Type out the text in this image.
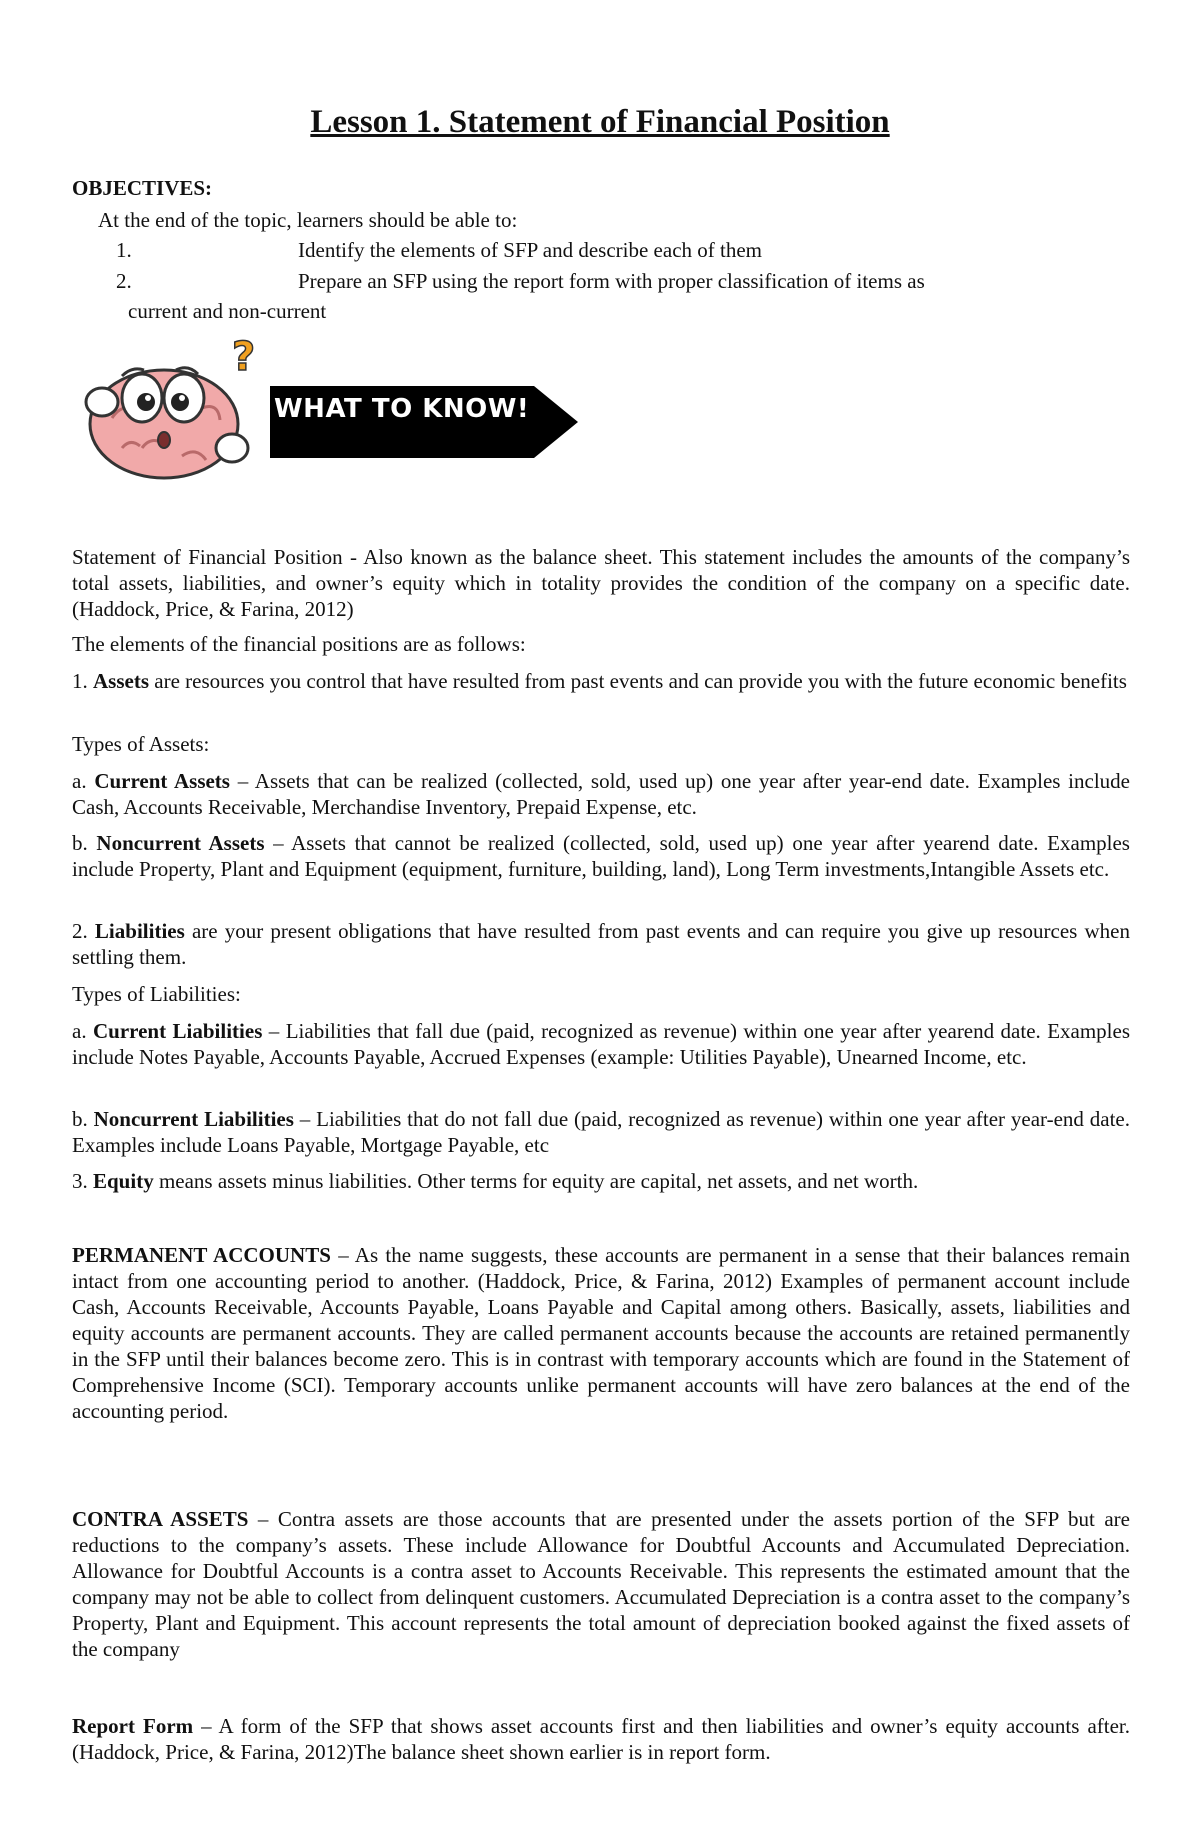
Lesson 1. Statement of Financial Position

OBJECTIVES:

At the end of the topic, learners should be able to:

1.	Identify the elements of SFP and describe each of them
2.	Prepare an SFP using the report form with proper classification of items as
current and non-current
?
WHAT TO KNOW!

Statement of Financial Position - Also known as the balance sheet. This statement includes the amounts of the company’s total assets, liabilities, and owner’s equity which in totality provides the condition of the company on a specific date. (Haddock, Price, & Farina, 2012)

The elements of the financial positions are as follows:

1. Assets are resources you control that have resulted from past events and can provide you with the future economic benefits

Types of Assets:

a. Current Assets – Assets that can be realized (collected, sold, used up) one year after year-end date. Examples include Cash, Accounts Receivable, Merchandise Inventory, Prepaid Expense, etc.

b. Noncurrent Assets – Assets that cannot be realized (collected, sold, used up) one year after yearend date. Examples include Property, Plant and Equipment (equipment, furniture, building, land), Long Term investments,Intangible Assets etc.

2. Liabilities are your present obligations that have resulted from past events and can require you give up resources when settling them.

Types of Liabilities:

a. Current Liabilities – Liabilities that fall due (paid, recognized as revenue) within one year after yearend date. Examples include Notes Payable, Accounts Payable, Accrued Expenses (example: Utilities Payable), Unearned Income, etc.

b. Noncurrent Liabilities – Liabilities that do not fall due (paid, recognized as revenue) within one year after year-end date. Examples include Loans Payable, Mortgage Payable, etc

3. Equity means assets minus liabilities. Other terms for equity are capital, net assets, and net worth.

PERMANENT ACCOUNTS – As the name suggests, these accounts are permanent in a sense that their balances remain intact from one accounting period to another. (Haddock, Price, & Farina, 2012) Examples of permanent account include Cash, Accounts Receivable, Accounts Payable, Loans Payable and Capital among others. Basically, assets, liabilities and equity accounts are permanent accounts. They are called permanent accounts because the accounts are retained permanently in the SFP until their balances become zero. This is in contrast with temporary accounts which are found in the Statement of Comprehensive Income (SCI). Temporary accounts unlike permanent accounts will have zero balances at the end of the accounting period.

CONTRA ASSETS – Contra assets are those accounts that are presented under the assets portion of the SFP but are reductions to the company’s assets. These include Allowance for Doubtful Accounts and Accumulated Depreciation. Allowance for Doubtful Accounts is a contra asset to Accounts Receivable. This represents the estimated amount that the company may not be able to collect from delinquent customers. Accumulated Depreciation is a contra asset to the company’s Property, Plant and Equipment. This account represents the total amount of depreciation booked against the fixed assets of the company

Report Form – A form of the SFP that shows asset accounts first and then liabilities and owner’s equity accounts after. (Haddock, Price, & Farina, 2012)The balance sheet shown earlier is in report form.
